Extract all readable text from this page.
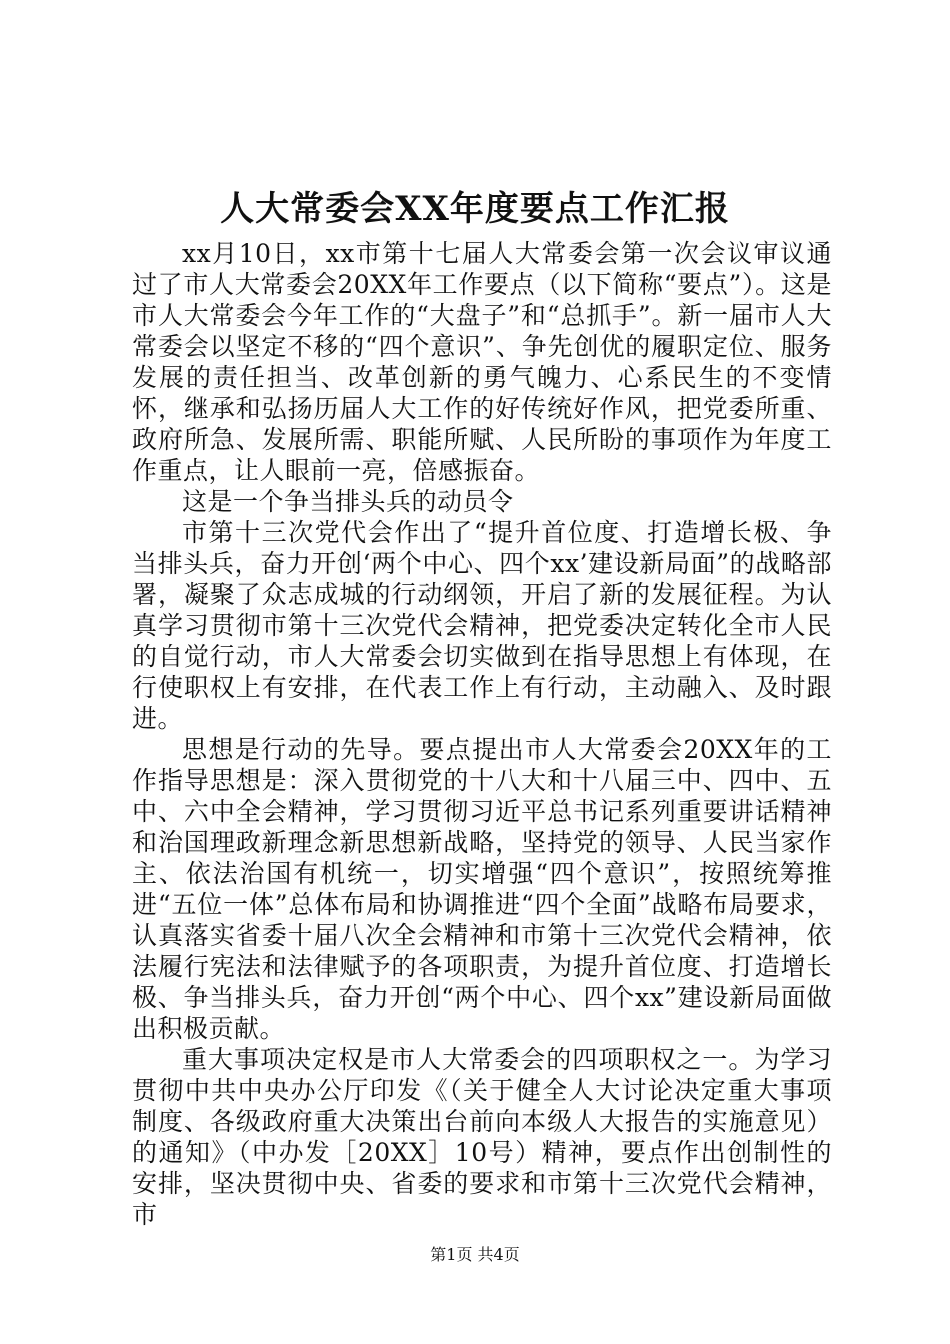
人大常委会XX年度要点工作汇报

xx月10日，xx市第十七届人大常委会第一次会议审议通过了市人大常委会20XX年工作要点（以下简称“要点”）。这是市人大常委会今年工作的“大盘子”和“总抓手”。新一届市人大常委会以坚定不移的“四个意识”、争先创优的履职定位、服务发展的责任担当、改革创新的勇气魄力、心系民生的不变情怀，继承和弘扬历届人大工作的好传统好作风，把党委所重、政府所急、发展所需、职能所赋、人民所盼的事项作为年度工作重点，让人眼前一亮，倍感振奋。

这是一个争当排头兵的动员令

市第十三次党代会作出了“提升首位度、打造增长极、争当排头兵，奋力开创‘两个中心、四个xx’建设新局面”的战略部署，凝聚了众志成城的行动纲领，开启了新的发展征程。为认真学习贯彻市第十三次党代会精神，把党委决定转化全市人民的自觉行动，市人大常委会切实做到在指导思想上有体现，在行使职权上有安排，在代表工作上有行动，主动融入、及时跟进。

思想是行动的先导。要点提出市人大常委会20XX年的工作指导思想是：深入贯彻党的十八大和十八届三中、四中、五中、六中全会精神，学习贯彻习近平总书记系列重要讲话精神和治国理政新理念新思想新战略，坚持党的领导、人民当家作主、依法治国有机统一，切实增强“四个意识”，按照统筹推进“五位一体”总体布局和协调推进“四个全面”战略布局要求，认真落实省委十届八次全会精神和市第十三次党代会精神，依法履行宪法和法律赋予的各项职责，为提升首位度、打造增长极、争当排头兵，奋力开创“两个中心、四个xx”建设新局面做出积极贡献。

重大事项决定权是市人大常委会的四项职权之一。为学习贯彻中共中央办公厅印发《（关于健全人大讨论决定重大事项制度、各级政府重大决策出台前向本级人大报告的实施意见）的通知》（中办发［20XX］10号）精神，要点作出创制性的安排，坚决贯彻中央、省委的要求和市第十三次党代会精神，市

第1页 共4页
